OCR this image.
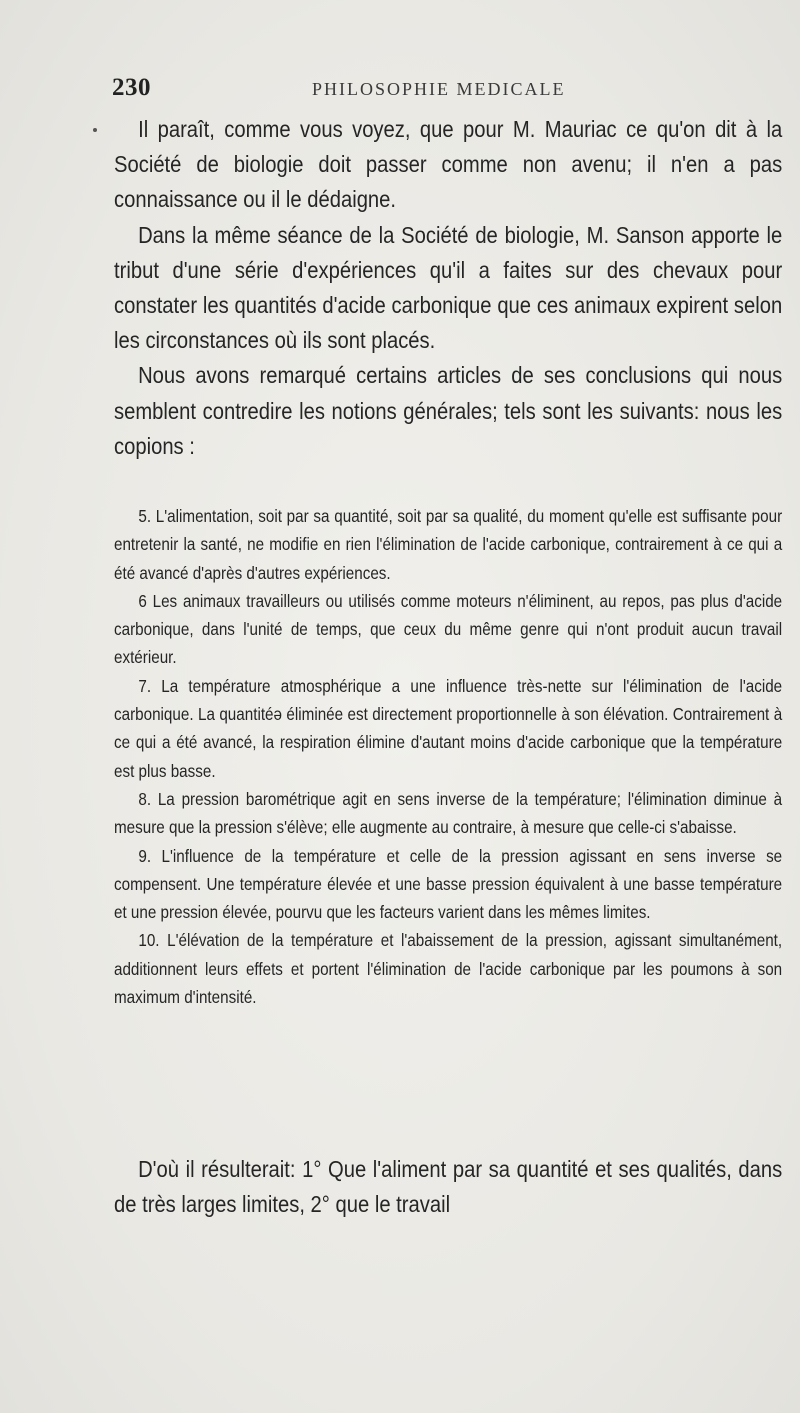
230	PHILOSOPHIE MEDICALE

Il paraît, comme vous voyez, que pour M. Mauriac ce qu'on dit à la Société de biologie doit passer comme non avenu; il n'en a pas connaissance ou il le dédaigne.

Dans la même séance de la Société de biologie, M. Sanson apporte le tribut d'une série d'expériences qu'il a faites sur des chevaux pour constater les quantités d'acide carbonique que ces animaux expirent selon les circonstances où ils sont placés.

Nous avons remarqué certains articles de ses conclusions qui nous semblent contredire les notions générales; tels sont les suivants: nous les copions :

5. L'alimentation, soit par sa quantité, soit par sa qualité, du moment qu'elle est suffisante pour entretenir la santé, ne modifie en rien l'élimination de l'acide carbonique, contrairement à ce qui a été avancé d'après d'autres expériences.

6 Les animaux travailleurs ou utilisés comme moteurs n'éliminent, au repos, pas plus d'acide carbonique, dans l'unité de temps, que ceux du même genre qui n'ont produit aucun travail extérieur.

7. La température atmosphérique a une influence très-nette sur l'élimination de l'acide carbonique. La quantitéə éliminée est directement proportionnelle à son élévation. Contrairement à ce qui a été avancé, la respiration élimine d'autant moins d'acide carbonique que la température est plus basse.

8. La pression barométrique agit en sens inverse de la température; l'élimination diminue à mesure que la pression s'élève; elle augmente au contraire, à mesure que celle-ci s'abaisse.

9. L'influence de la température et celle de la pression agissant en sens inverse se compensent. Une température élevée et une basse pression équivalent à une basse température et une pression élevée, pourvu que les facteurs varient dans les mêmes limites.

10. L'élévation de la température et l'abaissement de la pression, agissant simultanément, additionnent leurs effets et portent l'élimination de l'acide carbonique par les poumons à son maximum d'intensité.

D'où il résulterait: 1° Que l'aliment par sa quantité et ses qualités, dans de très larges limites, 2° que le travail
